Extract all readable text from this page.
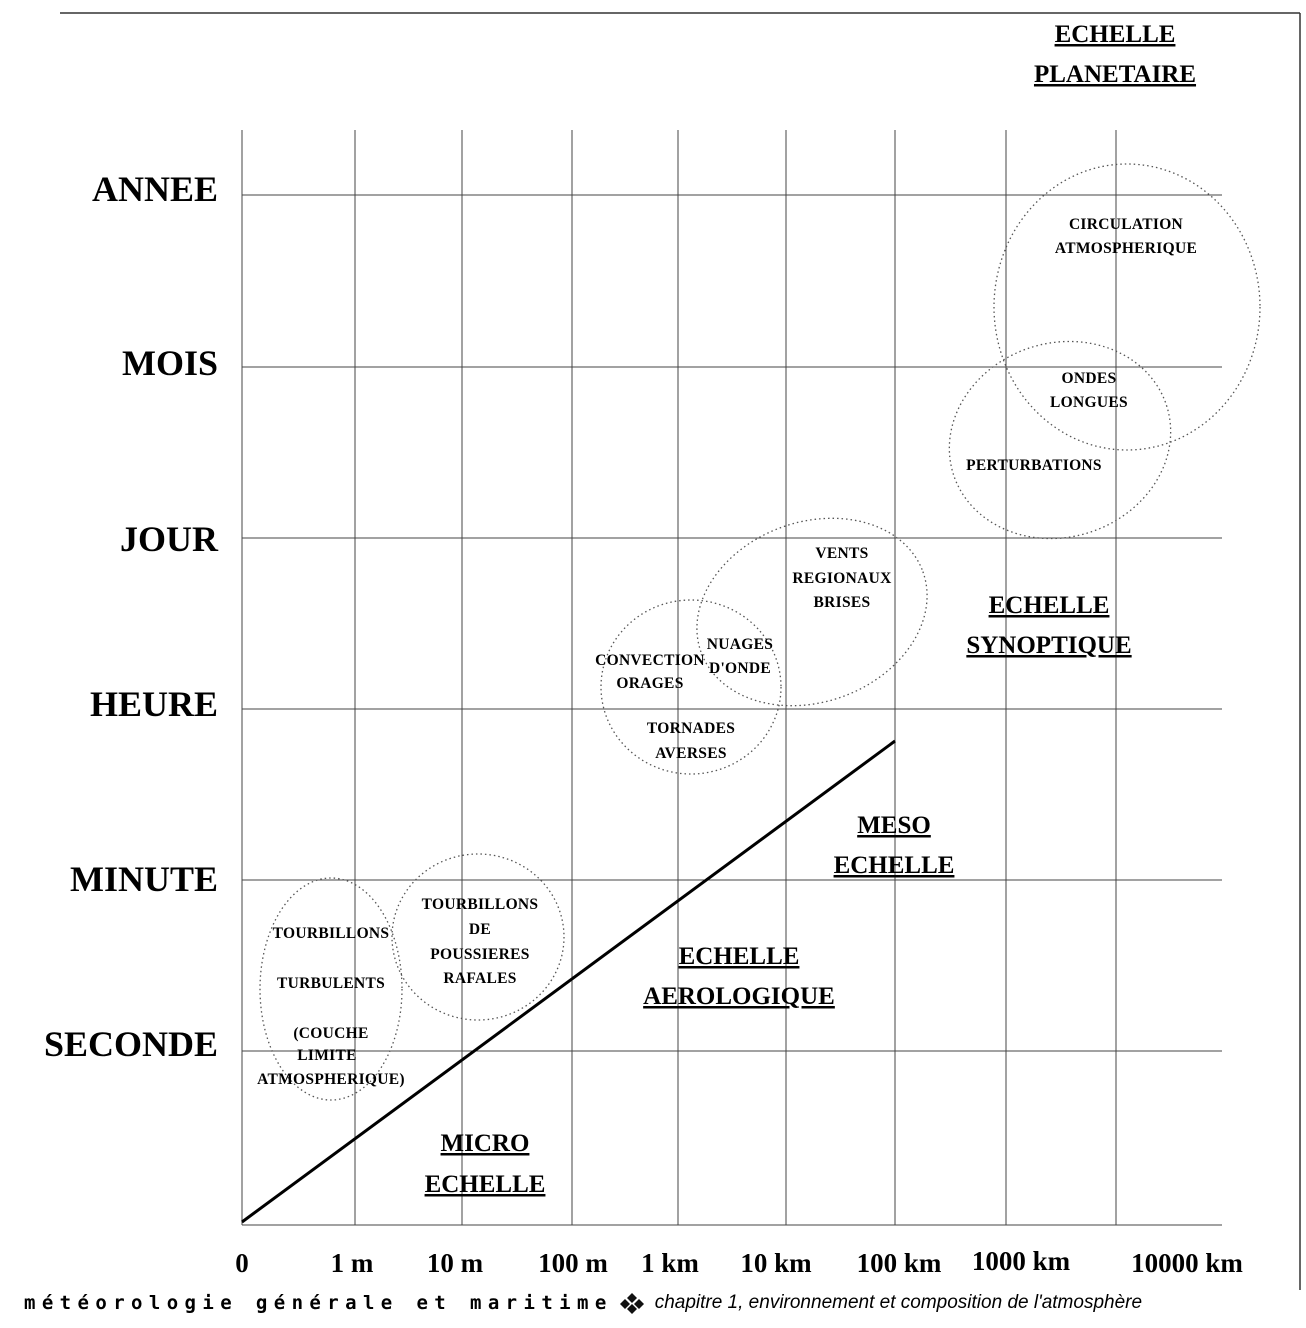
ANNEE
MOIS
JOUR
HEURE
MINUTE
SECONDE
0	1 m 10 m 100 m 1 km 10 km 100 km 1000 km 10000 km
ECHELLE
PLANETAIRE
ECHELLE
SYNOPTIQUE
MESO
ECHELLE
ECHELLE
AEROLOGIQUE
MICRO
ECHELLE
CIRCULATION
ATMOSPHERIQUE
ONDES
LONGUES
PERTURBATIONS
VENTS
REGIONAUX
BRISES
NUAGES
D'ONDE
CONVECTION
ORAGES
TORNADES
AVERSES
TOURBILLONS
DE
POUSSIERES
RAFALES
TOURBILLONS
TURBULENTS
(COUCHE
LIMITE
ATMOSPHERIQUE)
météorologie générale et maritime chapitre 1, environnement et composition de l'atmosphère
